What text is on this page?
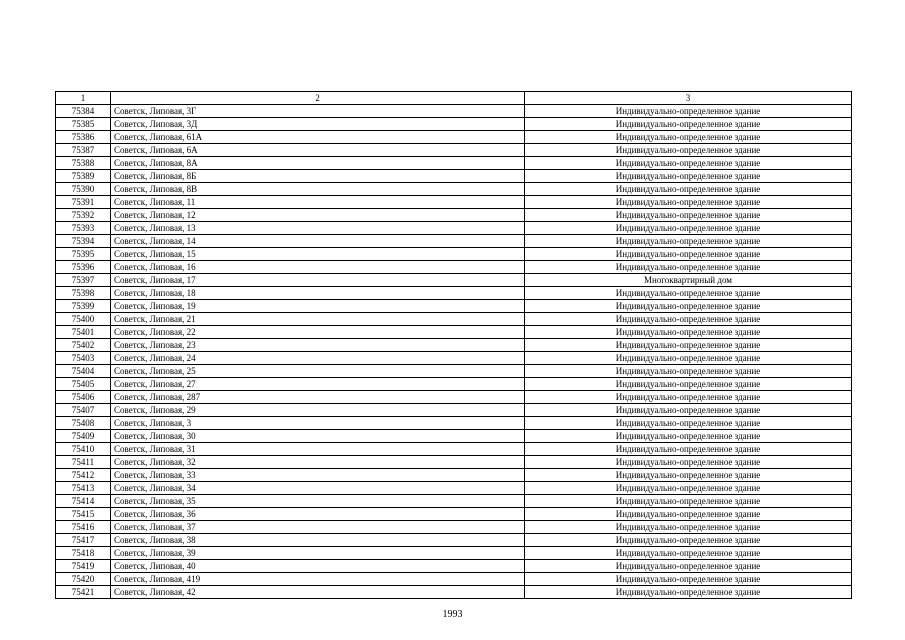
1	2	3
75384	Советск, Липовая, 3Г	Индивидуально-определенное здание
75385	Советск, Липовая, 3Д	Индивидуально-определенное здание
75386	Советск, Липовая, 61А	Индивидуально-определенное здание
75387	Советск, Липовая, 6А	Индивидуально-определенное здание
75388	Советск, Липовая, 8А	Индивидуально-определенное здание
75389	Советск, Липовая, 8Б	Индивидуально-определенное здание
75390	Советск, Липовая, 8В	Индивидуально-определенное здание
75391	Советск, Липовая, 11	Индивидуально-определенное здание
75392	Советск, Липовая, 12	Индивидуально-определенное здание
75393	Советск, Липовая, 13	Индивидуально-определенное здание
75394	Советск, Липовая, 14	Индивидуально-определенное здание
75395	Советск, Липовая, 15	Индивидуально-определенное здание
75396	Советск, Липовая, 16	Индивидуально-определенное здание
75397	Советск, Липовая, 17	Многоквартирный дом
75398	Советск, Липовая, 18	Индивидуально-определенное здание
75399	Советск, Липовая, 19	Индивидуально-определенное здание
75400	Советск, Липовая, 21	Индивидуально-определенное здание
75401	Советск, Липовая, 22	Индивидуально-определенное здание
75402	Советск, Липовая, 23	Индивидуально-определенное здание
75403	Советск, Липовая, 24	Индивидуально-определенное здание
75404	Советск, Липовая, 25	Индивидуально-определенное здание
75405	Советск, Липовая, 27	Индивидуально-определенное здание
75406	Советск, Липовая, 287	Индивидуально-определенное здание
75407	Советск, Липовая, 29	Индивидуально-определенное здание
75408	Советск, Липовая, 3	Индивидуально-определенное здание
75409	Советск, Липовая, 30	Индивидуально-определенное здание
75410	Советск, Липовая, 31	Индивидуально-определенное здание
75411	Советск, Липовая, 32	Индивидуально-определенное здание
75412	Советск, Липовая, 33	Индивидуально-определенное здание
75413	Советск, Липовая, 34	Индивидуально-определенное здание
75414	Советск, Липовая, 35	Индивидуально-определенное здание
75415	Советск, Липовая, 36	Индивидуально-определенное здание
75416	Советск, Липовая, 37	Индивидуально-определенное здание
75417	Советск, Липовая, 38	Индивидуально-определенное здание
75418	Советск, Липовая, 39	Индивидуально-определенное здание
75419	Советск, Липовая, 40	Индивидуально-определенное здание
75420	Советск, Липовая, 419	Индивидуально-определенное здание
75421	Советск, Липовая, 42	Индивидуально-определенное здание
1993
